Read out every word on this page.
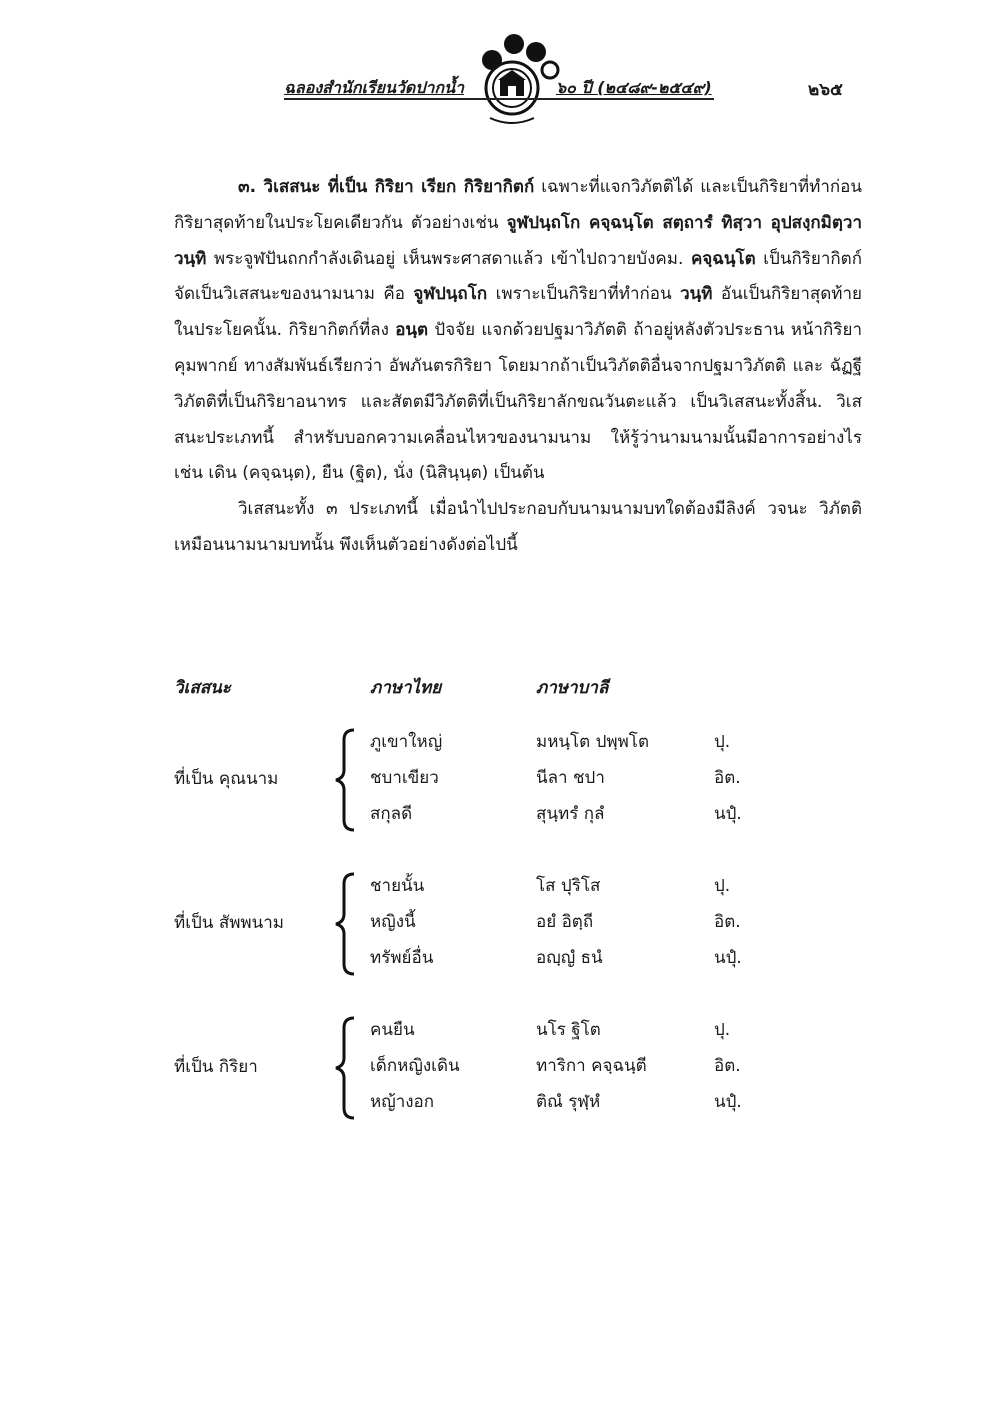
ฉลองสำนักเรียนวัดปากน้ำ	๖๐ ปี (๒๔๘๙-๒๕๔๙)	๒๖๕

๓. วิเสสนะ ที่เป็น กิริยา เรียก กิริยากิตก์ เฉพาะที่แจกวิภัตติได้ และเป็นกิริยาที่ทำก่อน กิริยาสุดท้ายในประโยคเดียวกัน ตัวอย่างเช่น จูฬปนฺถโก คจฺฉนฺโต สตฺถารํ ทิสฺวา อุปสงฺกมิตฺวา วนฺทิ พระจูฬปันถกกำลังเดินอยู่ เห็นพระศาสดาแล้ว เข้าไปถวายบังคม. คจฺฉนฺโต เป็นกิริยากิตก์ จัดเป็นวิเสสนะของนามนาม คือ จูฬปนฺถโก เพราะเป็นกิริยาที่ทำก่อน วนฺทิ อันเป็นกิริยาสุดท้ายในประโยคนั้น. กิริยากิตก์ที่ลง อนฺต ปัจจัย แจกด้วยปฐมาวิภัตติ ถ้าอยู่หลังตัวประธาน หน้ากิริยาคุมพากย์ ทางสัมพันธ์เรียกว่า อัพภันตรกิริยา โดยมากถ้าเป็นวิภัตติอื่นจากปฐมาวิภัตติ และ ฉัฏฐีวิภัตติที่เป็นกิริยาอนาทร และสัตตมีวิภัตติที่เป็นกิริยาลักขณวันตะแล้ว เป็นวิเสสนะทั้งสิ้น. วิเสสนะประเภทนี้ สำหรับบอกความเคลื่อนไหวของนามนาม ให้รู้ว่านามนามนั้นมีอาการอย่างไร เช่น เดิน (คจฺฉนฺต), ยืน (ฐิต), นั่ง (นิสินฺนฺต) เป็นต้น

วิเสสนะทั้ง ๓ ประเภทนี้ เมื่อนำไปประกอบกับนามนามบทใดต้องมีลิงค์ วจนะ วิภัตติ เหมือนนามนามบทนั้น พึงเห็นตัวอย่างดังต่อไปนี้

วิเสสนะ	ภาษาไทย	ภาษาบาลี
ที่เป็น คุณนาม
ภูเขาใหญ่	มหนฺโต ปพฺพโต	ปุ.
ชบาเขียว	นีลา ชปา	อิต.
สกุลดี	สุนฺทรํ กุลํ	นปุํ.
ที่เป็น สัพพนาม
ชายนั้น	โส ปุริโส	ปุ.
หญิงนี้	อยํ อิตฺถี	อิต.
ทรัพย์อื่น	อญฺญํ ธนํ	นปุํ.
ที่เป็น กิริยา
คนยืน	นโร ฐิโต	ปุ.
เด็กหญิงเดิน	ทาริกา คจฺฉนฺตี	อิต.
หญ้างอก	ติณํ รุฬฺหํ	นปุํ.
